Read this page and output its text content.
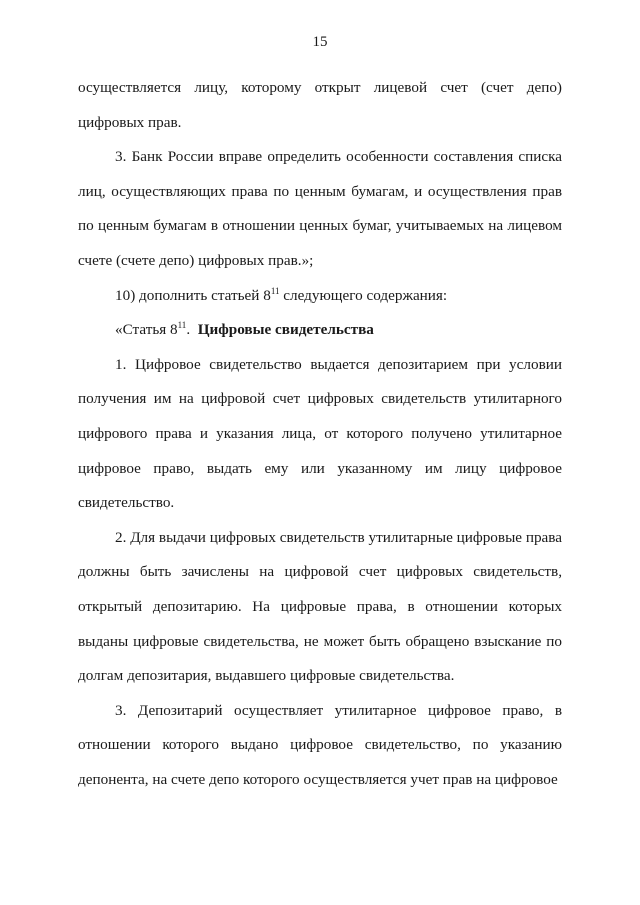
15

осуществляется лицу, которому открыт лицевой счет (счет депо) цифровых прав.

3. Банк России вправе определить особенности составления списка лиц, осуществляющих права по ценным бумагам, и осуществления прав по ценным бумагам в отношении ценных бумаг, учитываемых на лицевом счете (счете депо) цифровых прав.»;

10) дополнить статьей $8^{11}$ следующего содержания:

«Статья $8^{11}$. Цифровые свидетельства

1. Цифровое свидетельство выдается депозитарием при условии получения им на цифровой счет цифровых свидетельств утилитарного цифрового права и указания лица, от которого получено утилитарное цифровое право, выдать ему или указанному им лицу цифровое свидетельство.

2. Для выдачи цифровых свидетельств утилитарные цифровые права должны быть зачислены на цифровой счет цифровых свидетельств, открытый депозитарию. На цифровые права, в отношении которых выданы цифровые свидетельства, не может быть обращено взыскание по долгам депозитария, выдавшего цифровые свидетельства.

3. Депозитарий осуществляет утилитарное цифровое право, в отношении которого выдано цифровое свидетельство, по указанию депонента, на счете депо которого осуществляется учет прав на цифровое
